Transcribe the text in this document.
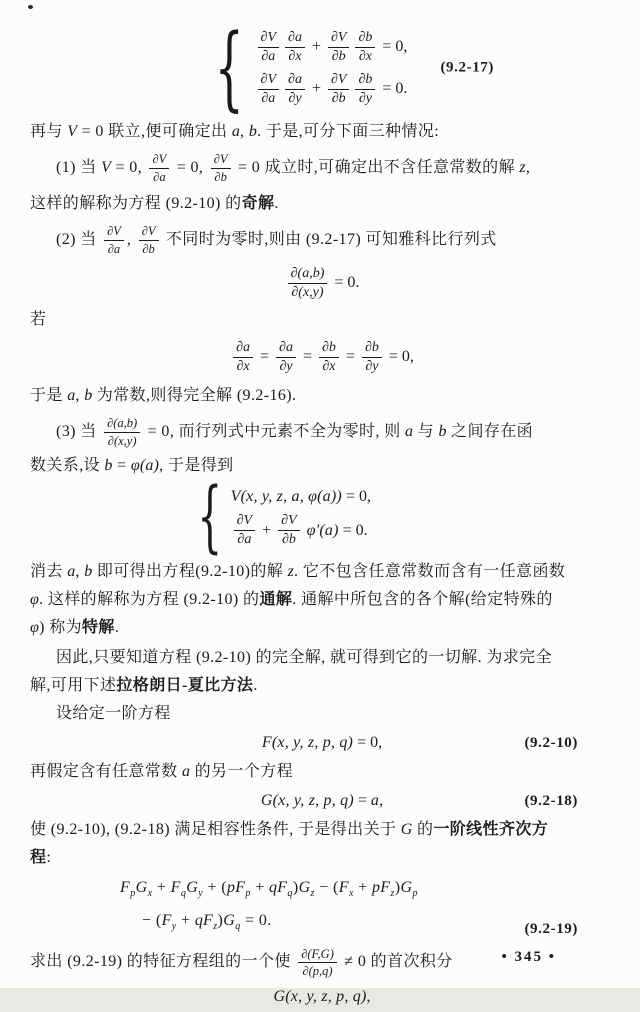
{ $\frac{\partial V}{\partial a} \frac{\partial a}{\partial x} + \frac{\partial V}{\partial b} \frac{\partial b}{\partial x} = 0$,
$\frac{\partial V}{\partial a} \frac{\partial a}{\partial y} + \frac{\partial V}{\partial b} \frac{\partial b}{\partial y} = 0$.
(9.2-17)
再与 V = 0 联立,便可确定出 a, b. 于是,可分下面三种情况:
(1) 当 V = 0, $\frac{\partial V}{\partial a} = 0$, $\frac{\partial V}{\partial b} = 0$ 成立时,可确定出不含任意常数的解 z,
这样的解称为方程 (9.2-10) 的奇解.
(2) 当 $\frac{\partial V}{\partial a}$ , $\frac{\partial V}{\partial b}$ 不同时为零时,则由 (9.2-17) 可知雅科比行列式
$\frac{\partial(a,b)}{\partial(x,y)} = 0$.
若
$\frac{\partial a}{\partial x} = \frac{\partial a}{\partial y} = \frac{\partial b}{\partial x} = \frac{\partial b}{\partial y} = 0$,
于是 a, b 为常数,则得完全解 (9.2-16).
(3) 当 $\frac{\partial(a,b)}{\partial(x,y)} = 0$, 而行列式中元素不全为零时, 则 a 与 b 之间存在函
数关系,设 b = φ(a), 于是得到
{ V(x, y, z, a, φ(a)) = 0,
$\frac{\partial V}{\partial a} + \frac{\partial V}{\partial b} \varphi'(a) = 0$.
消去 a, b 即可得出方程(9.2-10)的解 z. 它不包含任意常数而含有一任意函数
φ. 这样的解称为方程 (9.2-10) 的通解. 通解中所包含的各个解(给定特殊的
φ) 称为特解.
因此,只要知道方程 (9.2-10) 的完全解, 就可得到它的一切解. 为求完全
解,可用下述拉格朗日-夏比方法.
设给定一阶方程
F(x, y, z, p, q) = 0,	(9.2-10)
再假定含有任意常数 a 的另一个方程
G(x, y, z, p, q) = a,	(9.2-18)
使 (9.2-10), (9.2-18) 满足相容性条件, 于是得出关于 G 的一阶线性齐次方
程:
$F_pG_x + F_qG_y + (pF_p + qF_q)G_z - (F_x + pF_z)G_p$
− $(F_y + qF_z)G_q = 0$.	(9.2-19)
求出 (9.2-19) 的特征方程组的一个使 $\frac{\partial(F,G)}{\partial(p,q)} \ne 0$ 的首次积分
G(x, y, z, p, q),
• 345 •
